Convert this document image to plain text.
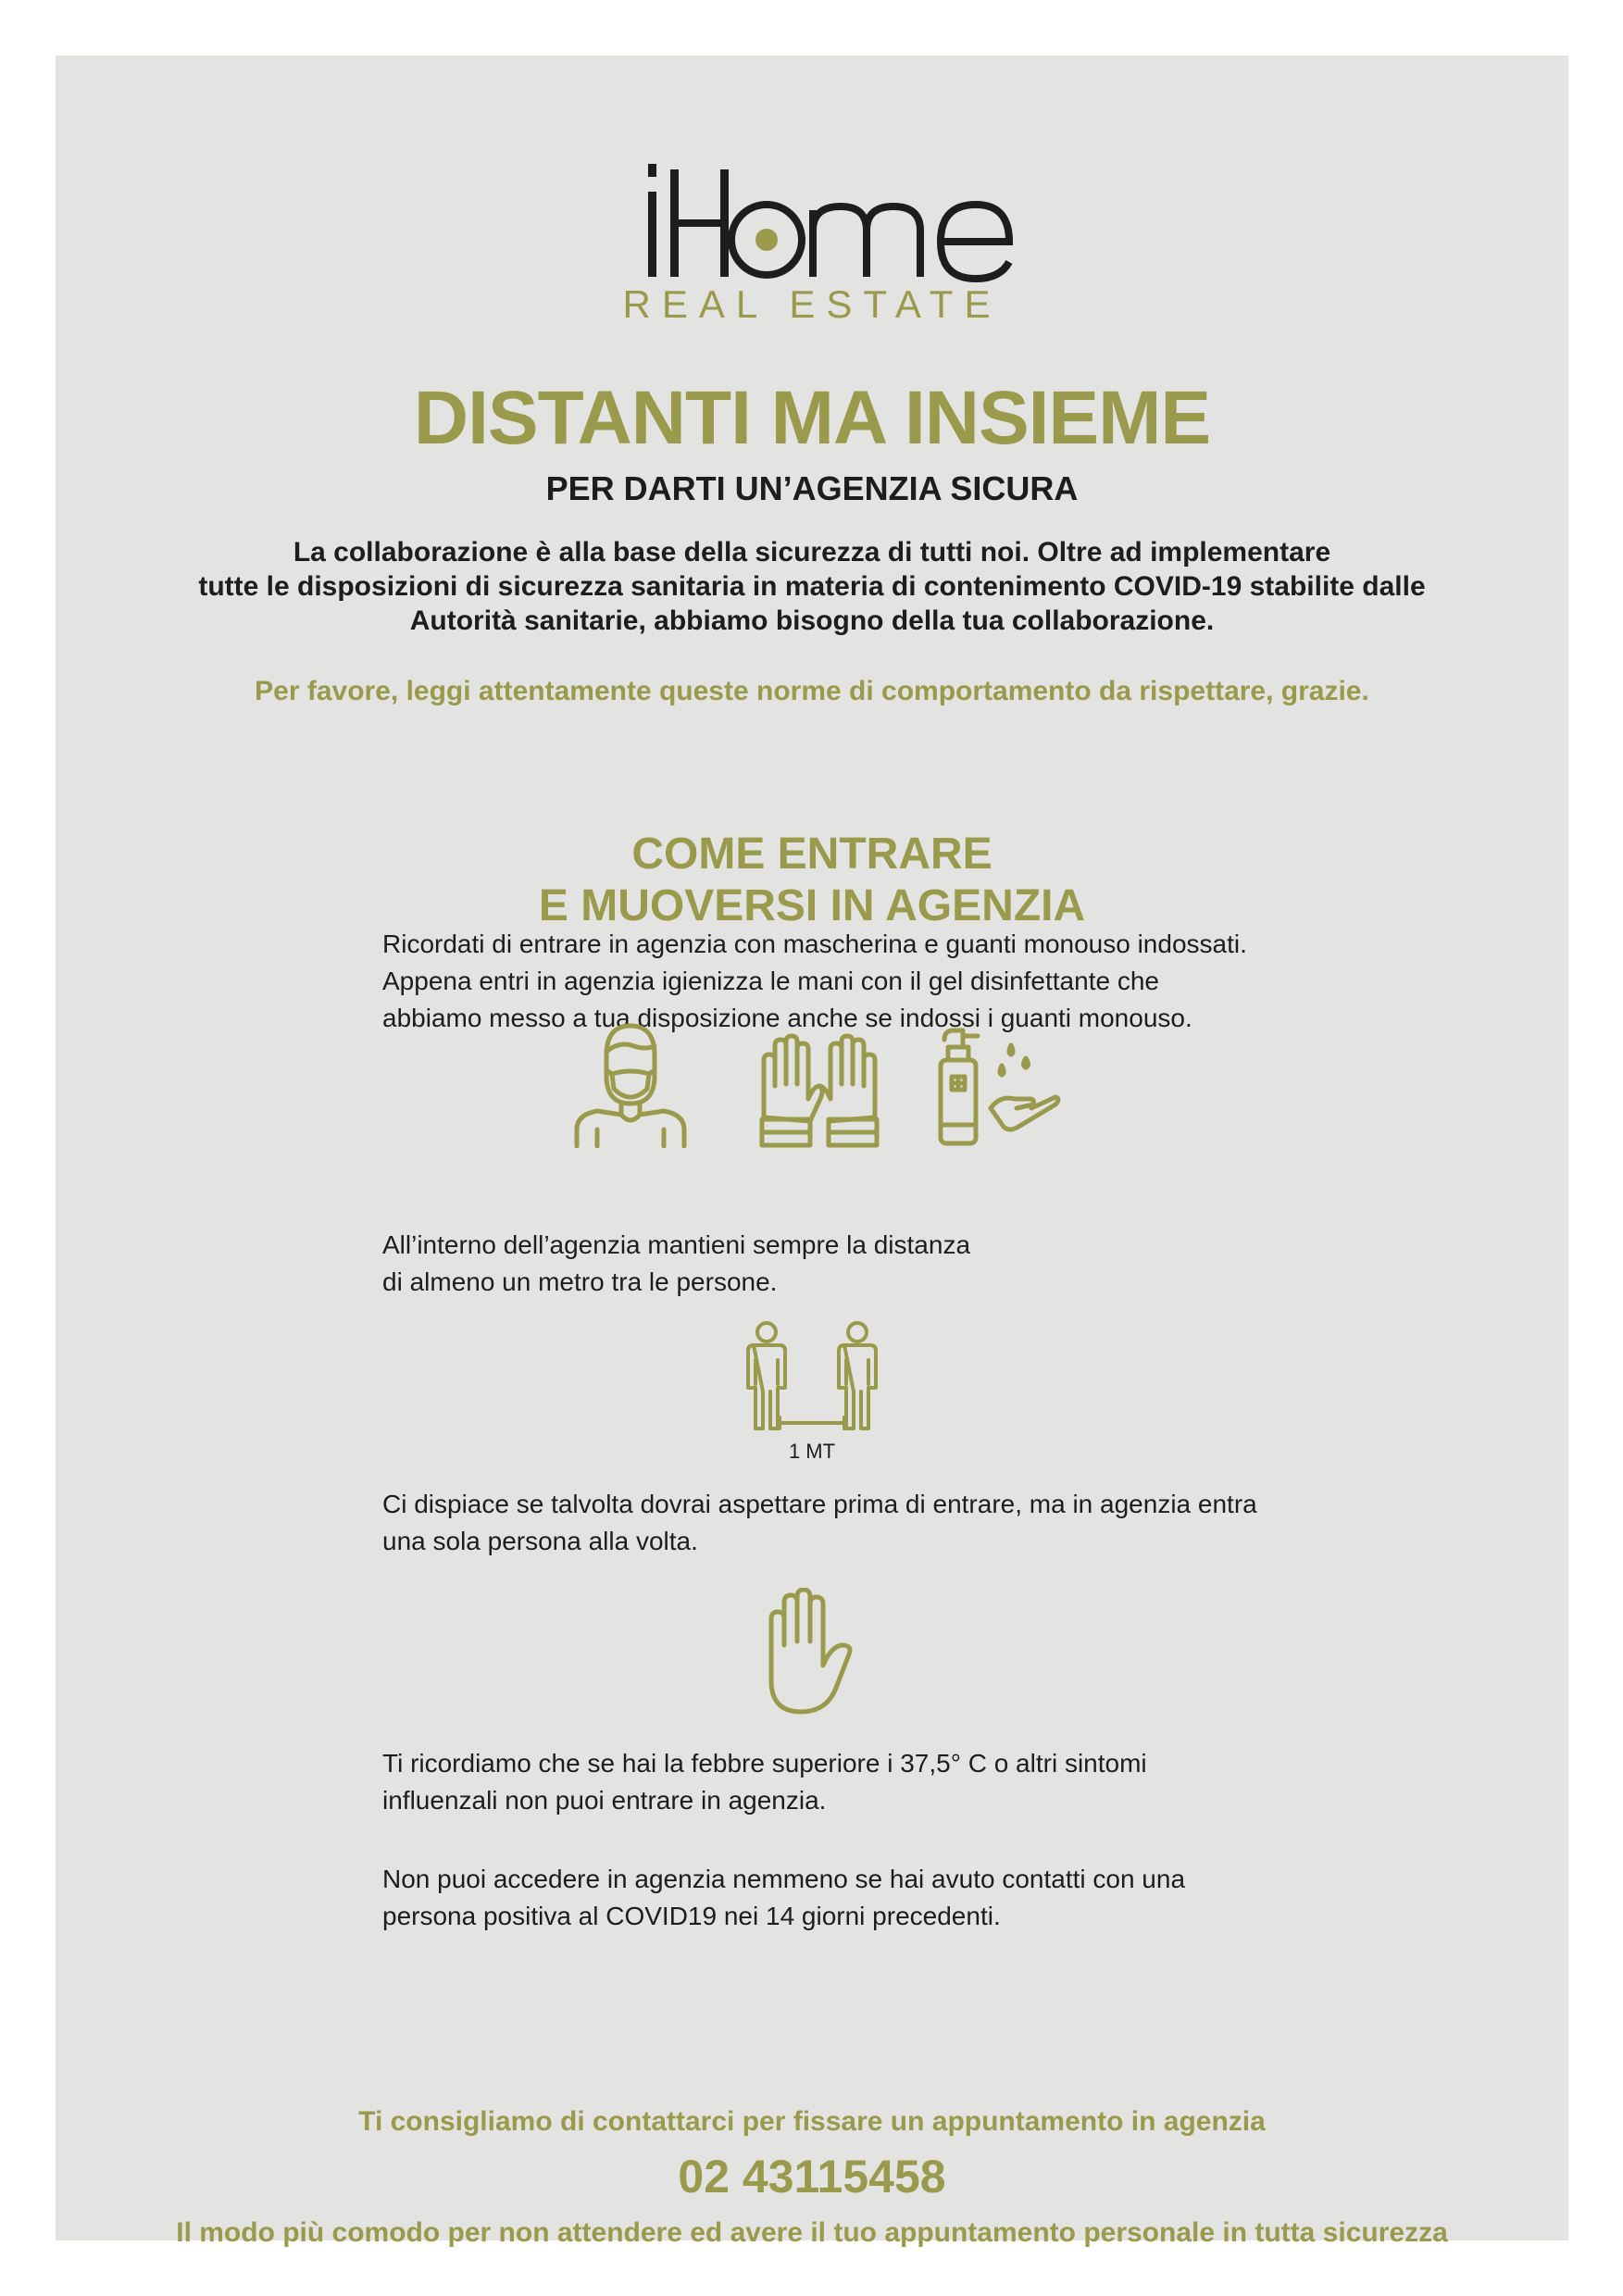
REAL ESTATE
DISTANTI MA INSIEME
PER DARTI UN’AGENZIA SICURA
La collaborazione è alla base della sicurezza di tutti noi. Oltre ad implementare
tutte le disposizioni di sicurezza sanitaria in materia di contenimento COVID-19 stabilite dalle
Autorità sanitarie, abbiamo bisogno della tua collaborazione.
Per favore, leggi attentamente queste norme di comportamento da rispettare, grazie.
COME ENTRARE
E MUOVERSI IN AGENZIA
Ricordati di entrare in agenzia con mascherina e guanti monouso indossati.
Appena entri in agenzia igienizza le mani con il gel disinfettante che
abbiamo messo a tua disposizione anche se indossi i guanti monouso.
All’interno dell’agenzia mantieni sempre la distanza
di almeno un metro tra le persone.
1 MT
Ci dispiace se talvolta dovrai aspettare prima di entrare, ma in agenzia entra
una sola persona alla volta.
Ti ricordiamo che se hai la febbre superiore i 37,5° C o altri sintomi
influenzali non puoi entrare in agenzia.
Non puoi accedere in agenzia nemmeno se hai avuto contatti con una
persona positiva al COVID19 nei 14 giorni precedenti.
Ti consigliamo di contattarci per fissare un appuntamento in agenzia
02 43115458
Il modo più comodo per non attendere ed avere il tuo appuntamento personale in tutta sicurezza
